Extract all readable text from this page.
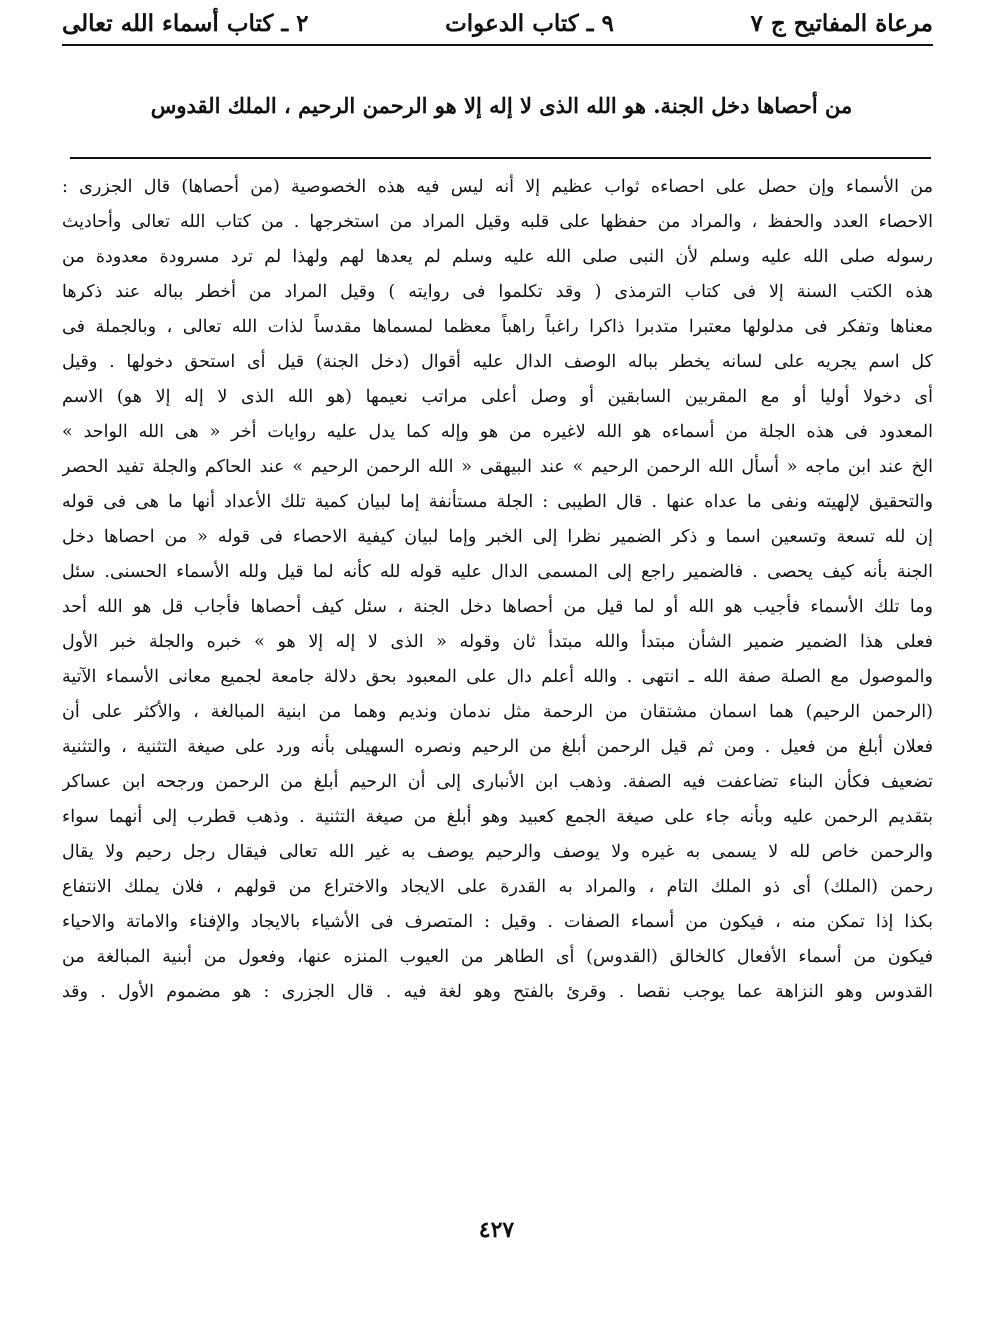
مرعاة المفاتيح ج ٧
٩ ـ كتاب الدعوات
٢ ـ كتاب أسماء الله تعالى
من أحصاها دخل الجنة. هو الله الذى لا إله إلا هو الرحمن الرحيم ، الملك القدوس
من الأسماء وإن حصل على احصاءه ثواب عظيم إلا أنه ليس فيه هذه الخصوصية (من أحصاها) قال الجزرى :
الاحصاء العدد والحفظ ، والمراد من حفظها على قلبه وقيل المراد من استخرجها . من كتاب الله تعالى وأحاديث
رسوله صلى الله عليه وسلم لأن النبى صلى الله عليه وسلم لم يعدها لهم ولهذا لم ترد مسرودة معدودة من
هذه الكتب السنة إلا فى كتاب الترمذى ( وقد تكلموا فى روايته ) وقيل المراد من أخطر بباله عند ذكرها
معناها وتفكر فى مدلولها معتبرا متدبرا ذاكرا راغباً راهباً معظما لمسماها مقدساً لذات الله تعالى ، وبالجملة فى
كل اسم يجريه على لسانه يخطر بباله الوصف الدال عليه أقوال (دخل الجنة) قيل أى استحق دخولها . وقيل
أى دخولا أوليا أو مع المقربين السابقين أو وصل أعلى مراتب نعيمها (هو الله الذى لا إله إلا هو) الاسم
المعدود فى هذه الجلة من أسماءه هو الله لاغيره من هو وإله كما يدل عليه روايات أخر « هى الله الواحد »
الخ عند ابن ماجه « أسأل الله الرحمن الرحيم » عند البيهقى « الله الرحمن الرحيم » عند الحاكم والجلة تفيد الحصر
والتحقيق لإلهيته ونفى ما عداه عنها . قال الطيبى : الجلة مستأنفة إما لبيان كمية تلك الأعداد أنها ما هى فى قوله
إن لله تسعة وتسعين اسما و ذكر الضمير نظرا إلى الخبر وإما لبيان كيفية الاحصاء فى قوله « من احصاها دخل
الجنة بأنه كيف يحصى . فالضمير راجع إلى المسمى الدال عليه قوله لله كأنه لما قيل ولله الأسماء الحسنى. سئل
وما تلك الأسماء فأجيب هو الله أو لما قيل من أحصاها دخل الجنة ، سئل كيف أحصاها فأجاب قل هو الله أحد
فعلى هذا الضمير ضمير الشأن مبتدأ والله مبتدأ ثان وقوله « الذى لا إله إلا هو » خبره والجلة خبر الأول
والموصول مع الصلة صفة الله ـ انتهى . والله أعلم دال على المعبود بحق دلالة جامعة لجميع معانى الأسماء الآتية
(الرحمن الرحيم) هما اسمان مشتقان من الرحمة مثل ندمان ونديم وهما من ابنية المبالغة ، والأكثر على أن
فعلان أبلغ من فعيل . ومن ثم قيل الرحمن أبلغ من الرحيم ونصره السهيلى بأنه ورد على صيغة التثنية ، والتثنية
تضعيف فكأن البناء تضاعفت فيه الصفة. وذهب ابن الأنبارى إلى أن الرحيم أبلغ من الرحمن ورجحه ابن عساكر
بتقديم الرحمن عليه وبأنه جاء على صيغة الجمع كعبيد وهو أبلغ من صيغة التثنية . وذهب قطرب إلى أنهما سواء
والرحمن خاص لله لا يسمى به غيره ولا يوصف والرحيم يوصف به غير الله تعالى فيقال رجل رحيم ولا يقال
رحمن (الملك) أى ذو الملك التام ، والمراد به القدرة على الايجاد والاختراع من قولهم ، فلان يملك الانتفاع
بكذا إذا تمكن منه ، فيكون من أسماء الصفات . وقيل : المتصرف فى الأشياء بالايجاد والإفناء والاماتة والاحياء
فيكون من أسماء الأفعال كالخالق (القدوس) أى الطاهر من العيوب المنزه عنها، وفعول من أبنية المبالغة من
القدوس وهو النزاهة عما يوجب نقصا . وقرئ بالفتح وهو لغة فيه . قال الجزرى : هو مضموم الأول . وقد
٤٢٧
